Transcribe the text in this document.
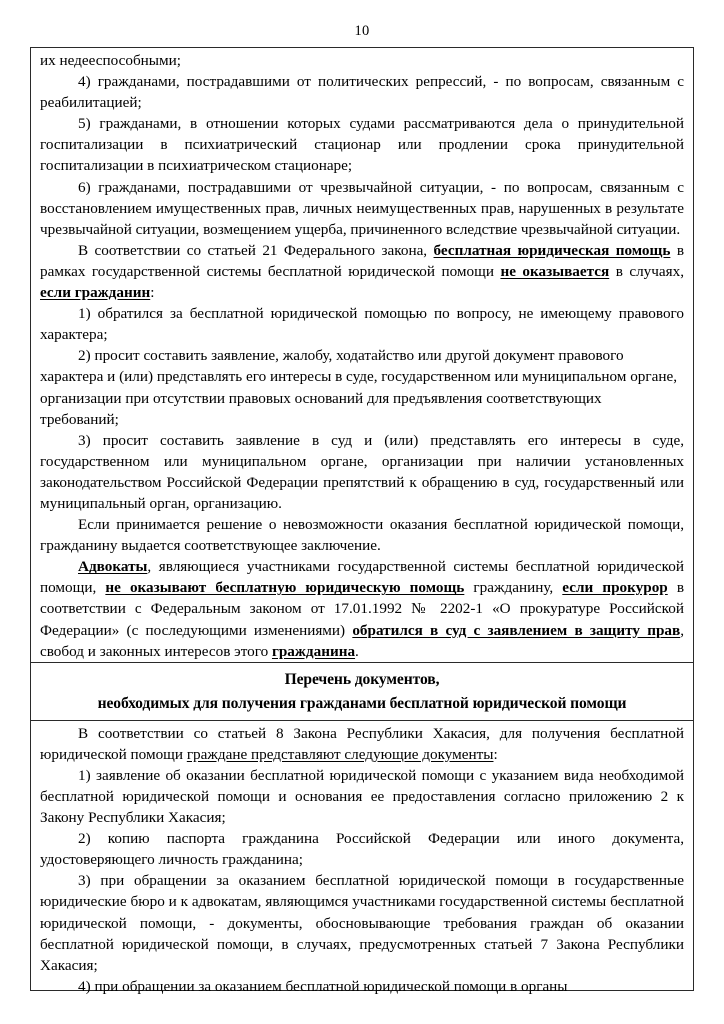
10

их недееспособными;

4) гражданами, пострадавшими от политических репрессий, - по вопросам, связанным с реабилитацией;

5) гражданами, в отношении которых судами рассматриваются дела о принудительной госпитализации в психиатрический стационар или продлении срока принудительной госпитализации в психиатрическом стационаре;

6) гражданами, пострадавшими от чрезвычайной ситуации, - по вопросам, связанным с восстановлением имущественных прав, личных неимущественных прав, нарушенных в результате чрезвычайной ситуации, возмещением ущерба, причиненного вследствие чрезвычайной ситуации.

В соответствии со статьей 21 Федерального закона, бесплатная юридическая помощь в рамках государственной системы бесплатной юридической помощи не оказывается в случаях, если гражданин:

1) обратился за бесплатной юридической помощью по вопросу, не имеющему правового характера;

2) просит составить заявление, жалобу, ходатайство или другой документ правового характера и (или) представлять его интересы в суде, государственном или муниципальном органе, организации при отсутствии правовых оснований для предъявления соответствующих требований;

3) просит составить заявление в суд и (или) представлять его интересы в суде, государственном или муниципальном органе, организации при наличии установленных законодательством Российской Федерации препятствий к обращению в суд, государственный или муниципальный орган, организацию.

Если принимается решение о невозможности оказания бесплатной юридической помощи, гражданину выдается соответствующее заключение.

Адвокаты, являющиеся участниками государственной системы бесплатной юридической помощи, не оказывают бесплатную юридическую помощь гражданину, если прокурор в соответствии с Федеральным законом от 17.01.1992 № 2202-1 «О прокуратуре Российской Федерации» (с последующими изменениями) обратился в суд с заявлением в защиту прав, свобод и законных интересов этого гражданина.

Перечень документов,
необходимых для получения гражданами бесплатной юридической помощи

В соответствии со статьей 8 Закона Республики Хакасия, для получения бесплатной юридической помощи граждане представляют следующие документы:

1) заявление об оказании бесплатной юридической помощи с указанием вида необходимой бесплатной юридической помощи и основания ее предоставления согласно приложению 2 к Закону Республики Хакасия;

2) копию паспорта гражданина Российской Федерации или иного документа, удостоверяющего личность гражданина;

3) при обращении за оказанием бесплатной юридической помощи в государственные юридические бюро и к адвокатам, являющимся участниками государственной системы бесплатной юридической помощи, - документы, обосновывающие требования граждан об оказании бесплатной юридической помощи, в случаях, предусмотренных статьей 7 Закона Республики Хакасия;

4) при обращении за оказанием бесплатной юридической помощи в органы
